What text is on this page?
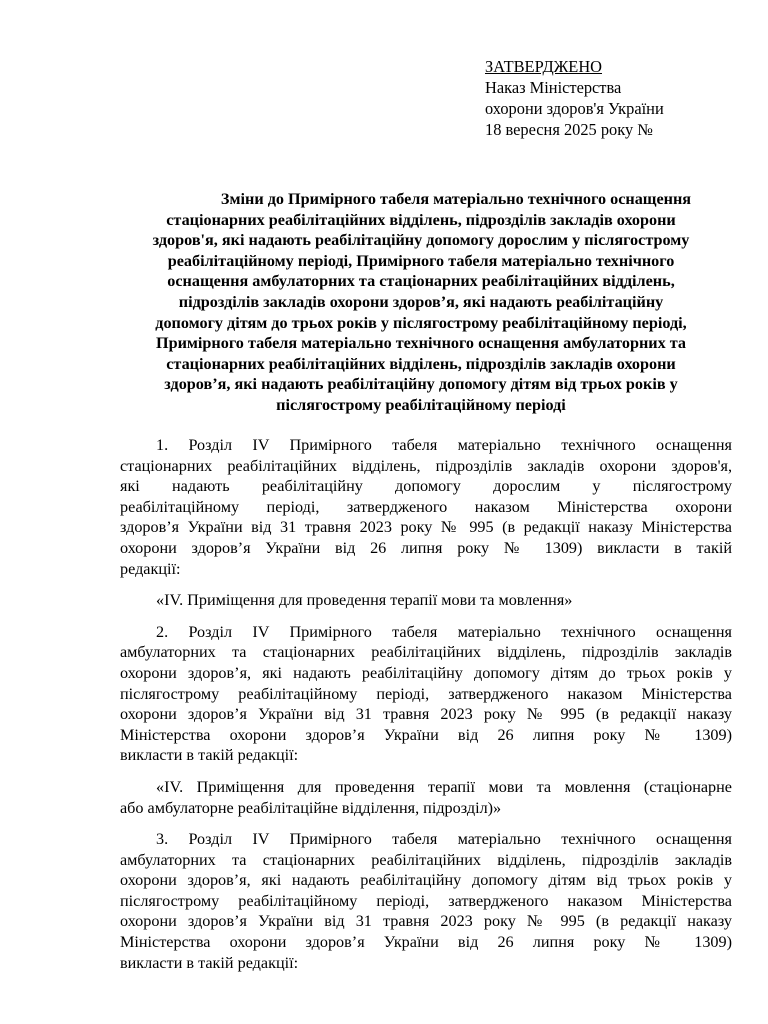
ЗАТВЕРДЖЕНО
Наказ Міністерства
охорони здоров'я України
18 вересня 2025 року №
Зміни до Примірного табеля матеріально технічного оснащення
стаціонарних реабілітаційних відділень, підрозділів закладів охорони
здоров'я, які надають реабілітаційну допомогу дорослим у післягострому
реабілітаційному періоді, Примірного табеля матеріально технічного
оснащення амбулаторних та стаціонарних реабілітаційних відділень,
підрозділів закладів охорони здоров’я, які надають реабілітаційну
допомогу дітям до трьох років у післягострому реабілітаційному періоді,
Примірного табеля матеріально технічного оснащення амбулаторних та
стаціонарних реабілітаційних відділень, підрозділів закладів охорони
здоров’я, які надають реабілітаційну допомогу дітям від трьох років у
післягострому реабілітаційному періоді
1. Розділ IV Примірного табеля матеріально технічного оснащення
стаціонарних реабілітаційних відділень, підрозділів закладів охорони здоров'я,
які надають реабілітаційну допомогу дорослим у післягострому
реабілітаційному періоді, затвердженого наказом Міністерства охорони
здоров’я України від 31 травня 2023 року № 995 (в редакції наказу Міністерства
охорони здоров’я України від 26 липня року № 1309) викласти в такій
редакції:
«IV. Приміщення для проведення терапії мови та мовлення»
2. Розділ IV Примірного табеля матеріально технічного оснащення
амбулаторних та стаціонарних реабілітаційних відділень, підрозділів закладів
охорони здоров’я, які надають реабілітаційну допомогу дітям до трьох років у
післягострому реабілітаційному періоді, затвердженого наказом Міністерства
охорони здоров’я України від 31 травня 2023 року № 995 (в редакції наказу
Міністерства охорони здоров’я України від 26 липня року № 1309)
викласти в такій редакції:
«IV. Приміщення для проведення терапії мови та мовлення (стаціонарне
або амбулаторне реабілітаційне відділення, підрозділ)»
3. Розділ IV Примірного табеля матеріально технічного оснащення
амбулаторних та стаціонарних реабілітаційних відділень, підрозділів закладів
охорони здоров’я, які надають реабілітаційну допомогу дітям від трьох років у
післягострому реабілітаційному періоді, затвердженого наказом Міністерства
охорони здоров’я України від 31 травня 2023 року № 995 (в редакції наказу
Міністерства охорони здоров’я України від 26 липня року № 1309)
викласти в такій редакції:
